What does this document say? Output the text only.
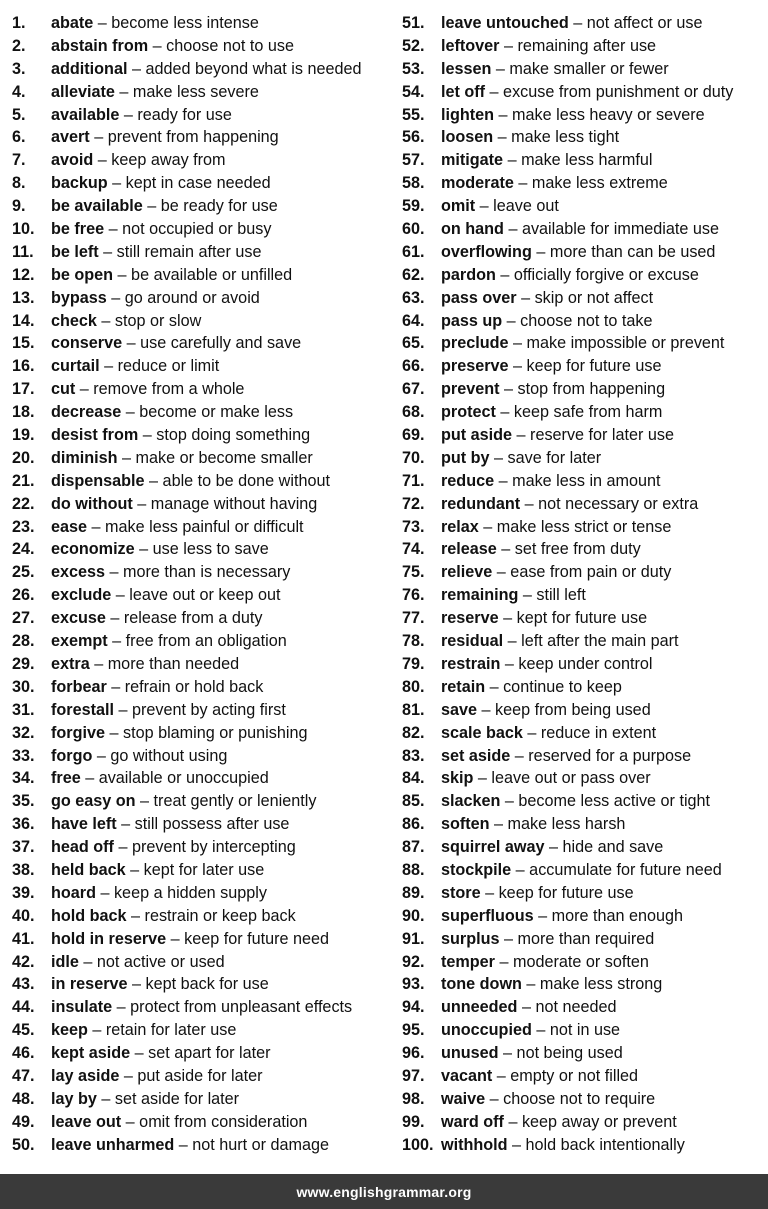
1.	abate – become less intense
2.	abstain from – choose not to use
3.	additional – added beyond what is needed
4.	alleviate – make less severe
5.	available – ready for use
6.	avert – prevent from happening
7.	avoid – keep away from
8.	backup – kept in case needed
9.	be available – be ready for use
10.	be free – not occupied or busy
11.	be left – still remain after use
12.	be open – be available or unfilled
13.	bypass – go around or avoid
14.	check – stop or slow
15.	conserve – use carefully and save
16.	curtail – reduce or limit
17.	cut – remove from a whole
18.	decrease – become or make less
19.	desist from – stop doing something
20.	diminish – make or become smaller
21.	dispensable – able to be done without
22.	do without – manage without having
23.	ease – make less painful or difficult
24.	economize – use less to save
25.	excess – more than is necessary
26.	exclude – leave out or keep out
27.	excuse – release from a duty
28.	exempt – free from an obligation
29.	extra – more than needed
30.	forbear – refrain or hold back
31.	forestall – prevent by acting first
32.	forgive – stop blaming or punishing
33.	forgo – go without using
34.	free – available or unoccupied
35.	go easy on – treat gently or leniently
36.	have left – still possess after use
37.	head off – prevent by intercepting
38.	held back – kept for later use
39.	hoard – keep a hidden supply
40.	hold back – restrain or keep back
41.	hold in reserve – keep for future need
42.	idle – not active or used
43.	in reserve – kept back for use
44.	insulate – protect from unpleasant effects
45.	keep – retain for later use
46.	kept aside – set apart for later
47.	lay aside – put aside for later
48.	lay by – set aside for later
49.	leave out – omit from consideration
50.	leave unharmed – not hurt or damage
51.	leave untouched – not affect or use
52.	leftover – remaining after use
53.	lessen – make smaller or fewer
54.	let off – excuse from punishment or duty
55.	lighten – make less heavy or severe
56.	loosen – make less tight
57.	mitigate – make less harmful
58.	moderate – make less extreme
59.	omit – leave out
60.	on hand – available for immediate use
61.	overflowing – more than can be used
62.	pardon – officially forgive or excuse
63.	pass over – skip or not affect
64.	pass up – choose not to take
65.	preclude – make impossible or prevent
66.	preserve – keep for future use
67.	prevent – stop from happening
68.	protect – keep safe from harm
69.	put aside – reserve for later use
70.	put by – save for later
71.	reduce – make less in amount
72.	redundant – not necessary or extra
73.	relax – make less strict or tense
74.	release – set free from duty
75.	relieve – ease from pain or duty
76.	remaining – still left
77.	reserve – kept for future use
78.	residual – left after the main part
79.	restrain – keep under control
80.	retain – continue to keep
81.	save – keep from being used
82.	scale back – reduce in extent
83.	set aside – reserved for a purpose
84.	skip – leave out or pass over
85.	slacken – become less active or tight
86.	soften – make less harsh
87.	squirrel away – hide and save
88.	stockpile – accumulate for future need
89.	store – keep for future use
90.	superfluous – more than enough
91.	surplus – more than required
92.	temper – moderate or soften
93.	tone down – make less strong
94.	unneeded – not needed
95.	unoccupied – not in use
96.	unused – not being used
97.	vacant – empty or not filled
98.	waive – choose not to require
99.	ward off – keep away or prevent
100. withhold – hold back intentionally
www.englishgrammar.org
